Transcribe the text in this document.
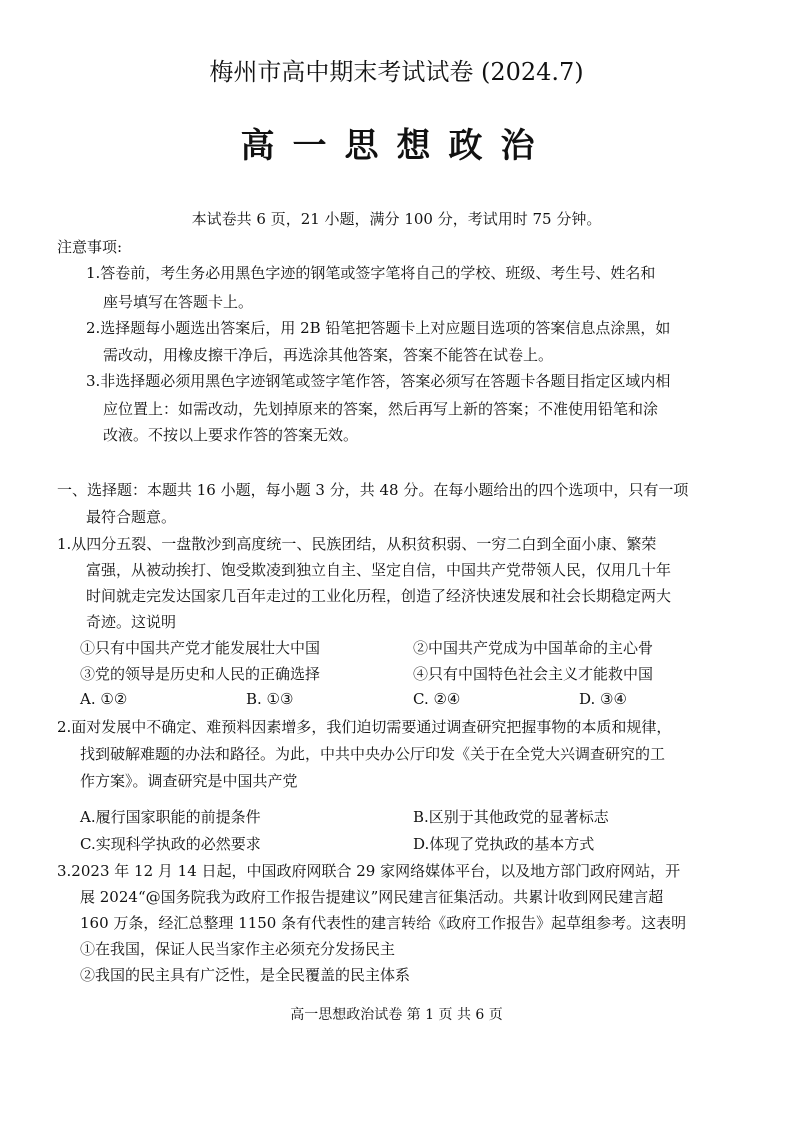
梅州市高中期末考试试卷 (2024.7)
高一思想政治
本试卷共 6 页，21 小题，满分 100 分，考试用时 75 分钟。
注意事项:
1.答卷前，考生务必用黑色字迹的钢笔或签字笔将自己的学校、班级、考生号、姓名和
座号填写在答题卡上。
2.选择题每小题选出答案后，用 2B 铅笔把答题卡上对应题目选项的答案信息点涂黑，如
需改动，用橡皮擦干净后，再选涂其他答案，答案不能答在试卷上。
3.非选择题必须用黑色字迹钢笔或签字笔作答，答案必须写在答题卡各题目指定区域内相
应位置上：如需改动，先划掉原来的答案，然后再写上新的答案；不准使用铅笔和涂
改液。不按以上要求作答的答案无效。
一、选择题：本题共 16 小题，每小题 3 分，共 48 分。在每小题给出的四个选项中，只有一项
最符合题意。
1.从四分五裂、一盘散沙到高度统一、民族团结，从积贫积弱、一穷二白到全面小康、繁荣
富强，从被动挨打、饱受欺凌到独立自主、坚定自信，中国共产党带领人民，仅用几十年
时间就走完发达国家几百年走过的工业化历程，创造了经济快速发展和社会长期稳定两大
奇迹。这说明
①只有中国共产党才能发展壮大中国	②中国共产党成为中国革命的主心骨
③党的领导是历史和人民的正确选择	④只有中国特色社会主义才能救中国
A. ①②	B. ①③	C. ②④	D. ③④
2.面对发展中不确定、难预料因素增多，我们迫切需要通过调查研究把握事物的本质和规律，
找到破解难题的办法和路径。为此，中共中央办公厅印发《关于在全党大兴调查研究的工
作方案》。调查研究是中国共产党
A.履行国家职能的前提条件	B.区别于其他政党的显著标志
C.实现科学执政的必然要求	D.体现了党执政的基本方式
3.2023 年 12 月 14 日起，中国政府网联合 29 家网络媒体平台，以及地方部门政府网站，开
展 2024“@国务院我为政府工作报告提建议”网民建言征集活动。共累计收到网民建言超
160 万条，经汇总整理 1150 条有代表性的建言转给《政府工作报告》起草组参考。这表明
①在我国，保证人民当家作主必须充分发扬民主
②我国的民主具有广泛性，是全民覆盖的民主体系
高一思想政治试卷 第 1 页 共 6 页
